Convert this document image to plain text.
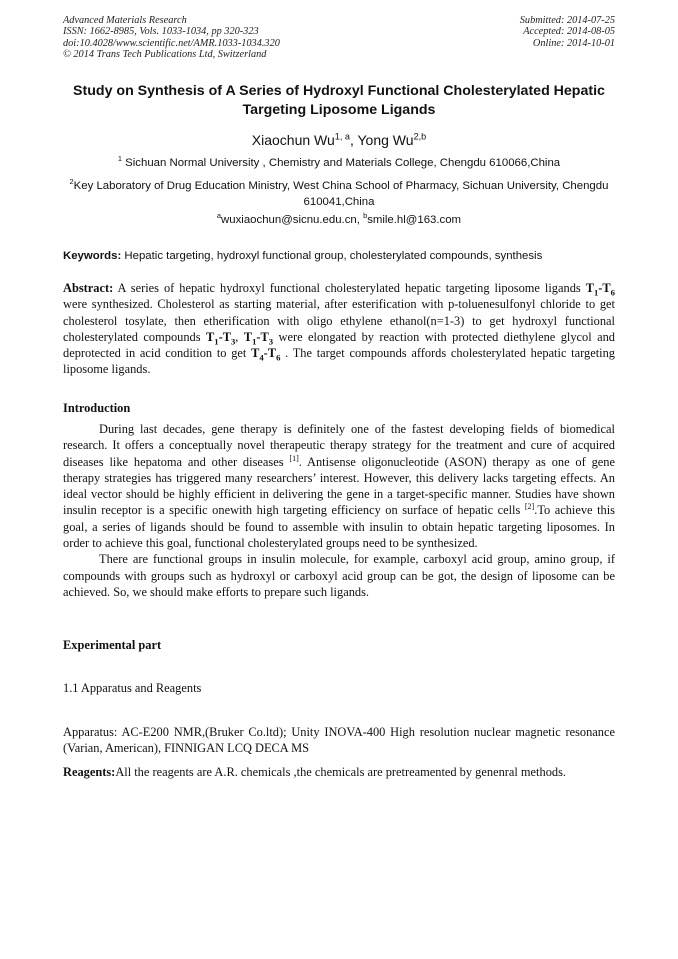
Advanced Materials Research
ISSN: 1662-8985, Vols. 1033-1034, pp 320-323
doi:10.4028/www.scientific.net/AMR.1033-1034.320
© 2014 Trans Tech Publications Ltd, Switzerland
Submitted: 2014-07-25
Accepted: 2014-08-05
Online: 2014-10-01
Study on Synthesis of A Series of Hydroxyl Functional Cholesterylated Hepatic Targeting Liposome Ligands
Xiaochun Wu$^{1, a}$, Yong Wu$^{2,b}$
$^1$ Sichuan Normal University , Chemistry and Materials College, Chengdu 610066,China
$^2$Key Laboratory of Drug Education Ministry, West China School of Pharmacy, Sichuan University, Chengdu 610041,China
$^a$wuxiaochun@sicnu.edu.cn, $^b$smile.hl@163.com
Keywords: Hepatic targeting, hydroxyl functional group, cholesterylated compounds, synthesis
Abstract: A series of hepatic hydroxyl functional cholesterylated hepatic targeting liposome ligands $T_1-T_6$ were synthesized. Cholesterol as starting material, after esterification with p-toluenesulfonyl chloride to get cholesterol tosylate, then etherification with oligo ethylene ethanol(n=1-3) to get hydroxyl functional cholesterylated compounds $T_1-T_3$, $T_1-T_3$ were elongated by reaction with protected diethylene glycol and deprotected in acid condition to get $T_4-T_6$ . The target compounds affords cholesterylated hepatic targeting liposome ligands.
Introduction

During last decades, gene therapy is definitely one of the fastest developing fields of biomedical research. It offers a conceptually novel therapeutic therapy strategy for the treatment and cure of acquired diseases like hepatoma and other diseases [1]. Antisense oligonucleotide (ASON) therapy as one of gene therapy strategies has triggered many researchers’ interest. However, this delivery lacks targeting effects. An ideal vector should be highly efficient in delivering the gene in a target-specific manner. Studies have shown insulin receptor is a specific onewith high targeting efficiency on surface of hepatic cells [2].To achieve this goal, a series of ligands should be found to assemble with insulin to obtain hepatic targeting liposomes. In order to achieve this goal, functional cholesterylated groups need to be synthesized.

There are functional groups in insulin molecule, for example, carboxyl acid group, amino group, if compounds with groups such as hydroxyl or carboxyl acid group can be got, the design of liposome can be achieved. So, we should make efforts to prepare such ligands.

Experimental part
1.1 Apparatus and Reagents
Apparatus: AC-E200 NMR,(Bruker Co.ltd); Unity INOVA-400 High resolution nuclear magnetic resonance (Varian, American), FINNIGAN LCQ DECA MS
Reagents:All the reagents are A.R. chemicals ,the chemicals are pretreamented by genenral methods.
